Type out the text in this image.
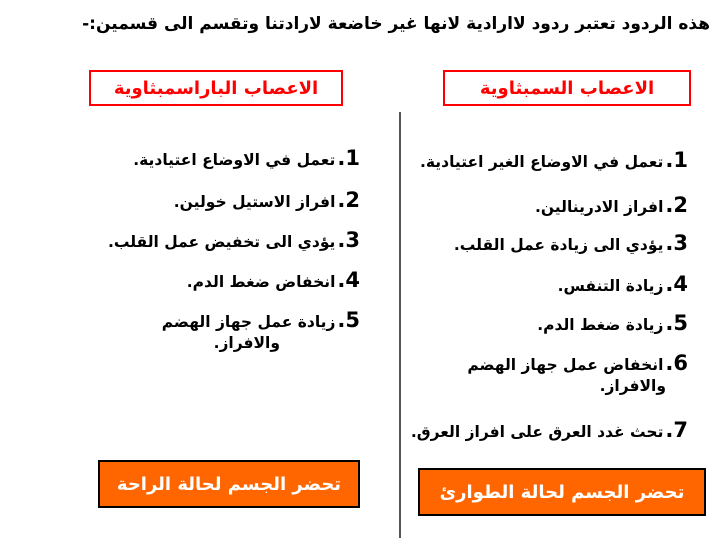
هذه الردود تعتبر ردود لاارادية لانها غير خاضعة لارادتنا وتقسم الى قسمين:-
الاعصاب السمبثاوية
الاعصاب الباراسمبثاوية
1.تعمل في الاوضاع الغير اعتيادية.
2.افراز الادرينالين.
3.يؤدي الى زيادة عمل القلب.
4.زيادة التنفس.
5.زيادة ضغط الدم.
6.انخفاض عمل جهاز الهضم
والافراز.
7.تحث غدد العرق على افراز العرق.
1.تعمل في الاوضاع اعتيادية.
2.افراز الاستيل خولين.
3.يؤدي الى تخفيض عمل القلب.
4.انخفاض ضغط الدم.
5.زيادة عمل جهاز الهضم
والافراز.
تحضر الجسم لحالة الطوارئ
تحضر الجسم لحالة الراحة
